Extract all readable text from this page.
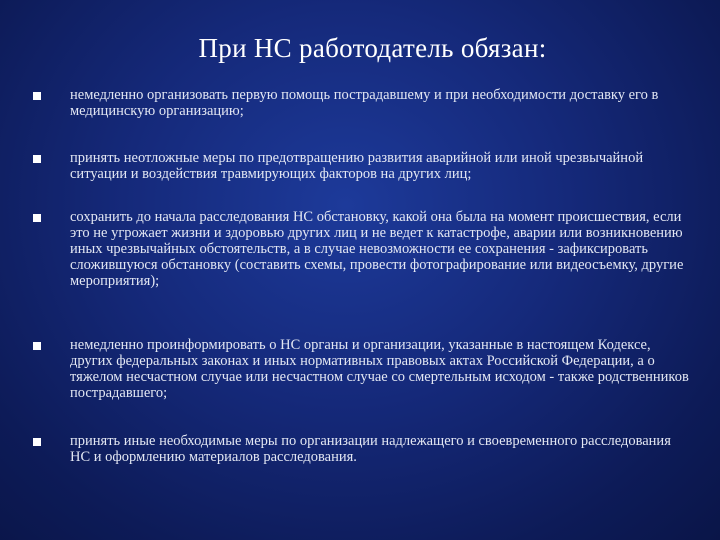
При НС работодатель обязан:
немедленно организовать первую помощь пострадавшему и при необходимости доставку его в медицинскую организацию;
принять неотложные меры по предотвращению развития аварийной или иной чрезвычайной ситуации и воздействия травмирующих факторов на других лиц;
сохранить до начала расследования НС обстановку, какой она была на момент происшествия, если это не угрожает жизни и здоровью других лиц и не ведет к катастрофе, аварии или возникновению иных чрезвычайных обстоятельств, а в случае невозможности ее сохранения - зафиксировать сложившуюся обстановку (составить схемы, провести фотографирование или видеосъемку, другие мероприятия);
немедленно проинформировать о НС органы и организации, указанные в настоящем Кодексе, других федеральных законах и иных нормативных правовых актах Российской Федерации, а о тяжелом несчастном случае или несчастном случае со смертельным исходом - также родственников пострадавшего;
принять иные необходимые меры по организации надлежащего и своевременного расследования НС и оформлению материалов расследования.
